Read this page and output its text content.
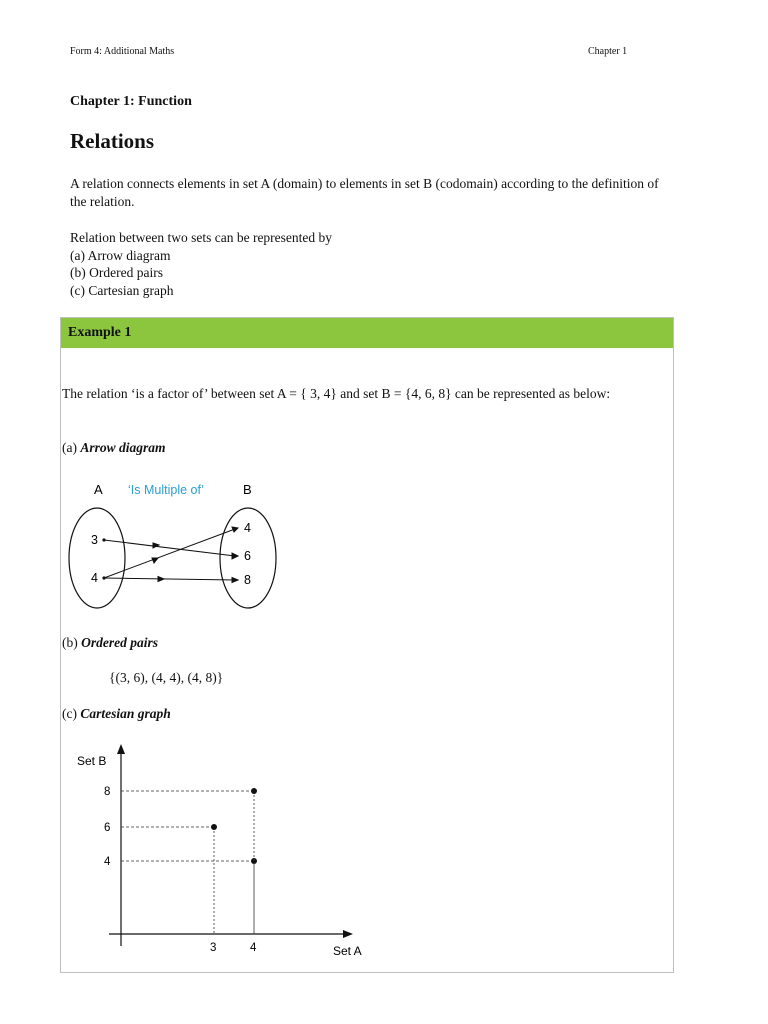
Form 4: Additional Maths	Chapter 1
Chapter 1: Function
Relations
A relation connects elements in set A (domain) to elements in set B (codomain) according to the definition of the relation.
Relation between two sets can be represented by
(a) Arrow diagram
(b) Ordered pairs
(c) Cartesian graph
Example 1
The relation ‘is a factor of’ between set A = { 3, 4} and set B = {4, 6, 8} can be represented as below:
(a) Arrow diagram
A ‘Is Multiple of’	B
3
4
4
6
8
(b) Ordered pairs
{(3, 6), (4, 4), (4, 8)}
(c) Cartesian graph
Set B
Set A
4
6
8
3	4
